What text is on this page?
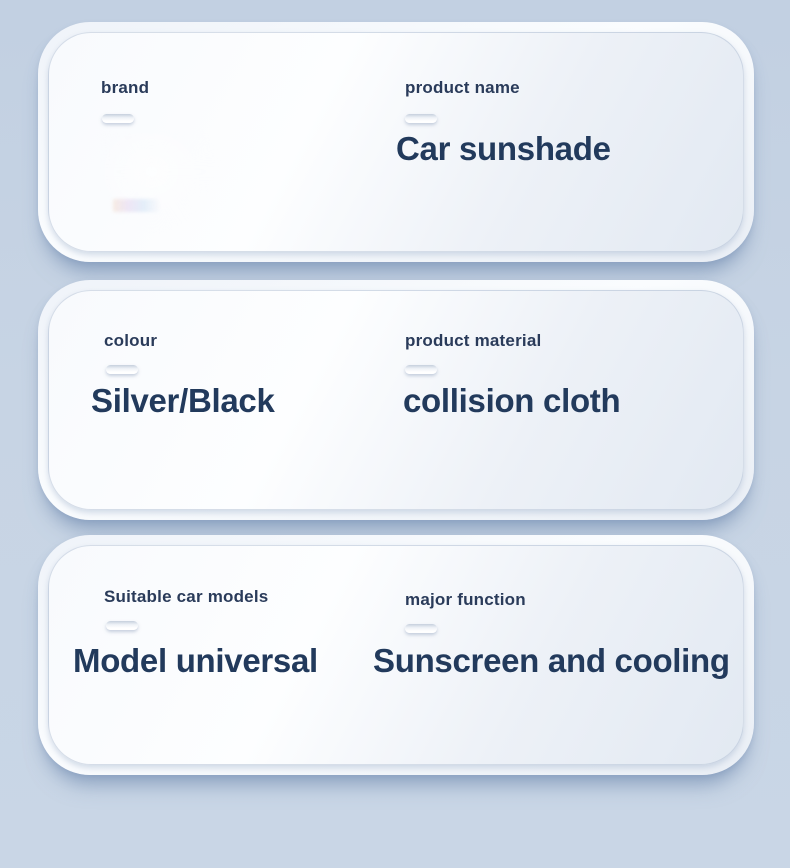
brand	product name
Car sunshade
colour
Silver/Black
product material
collision cloth
Suitable car models
Model universal
major function
Sunscreen and cooling
